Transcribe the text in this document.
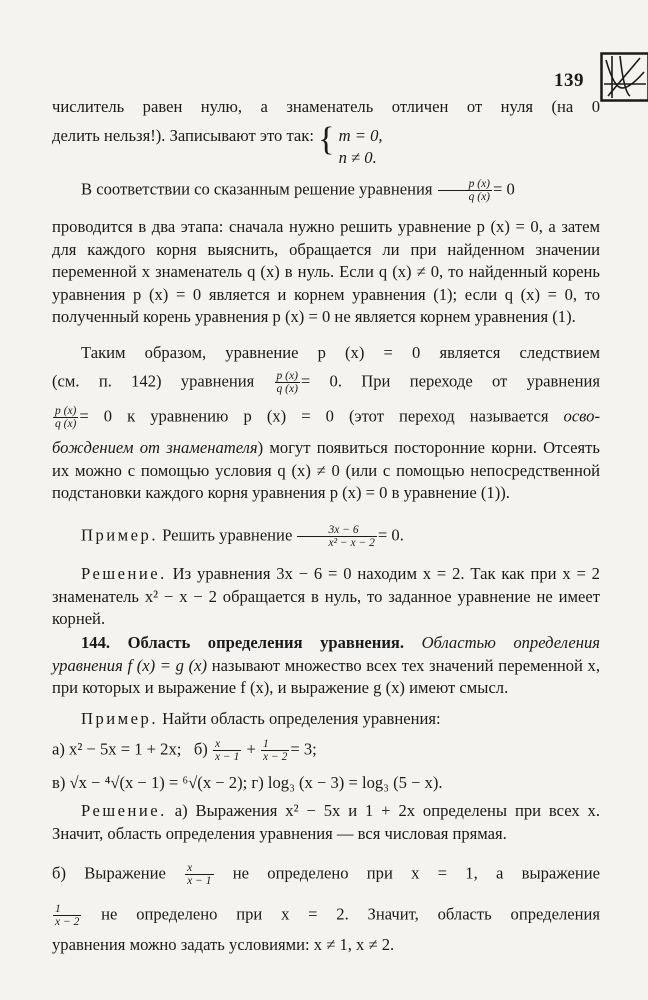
139
числитель равен нулю, а знаменатель отличен от нуля (на 0
делить нельзя!). Записывают это так: { m = 0,
n ≠ 0.
В соответствии со сказанным решение уравнения $\frac{p (x)}{q (x)} = 0$
проводится в два этапа: сначала нужно решить уравнение p (x) = 0, а затем для каждого корня выяснить, обращается ли при найденном значении переменной x знаменатель q (x) в нуль. Если q (x) ≠ 0, то найденный корень уравнения p (x) = 0 является и корнем уравнения (1); если q (x) = 0, то полученный корень уравнения p (x) = 0 не является корнем уравнения (1).
Таким образом, уравнение p (x) = 0 является следствием
(см. п. 142) уравнения $\frac{p (x)}{q (x)} = 0$. При переходе от уравнения
$\frac{p (x)}{q (x)} = 0$ к уравнению p (x) = 0 (этот переход называется осво-
бождением от знаменателя) могут появиться посторонние корни. Отсеять их можно с помощью условия q (x) ≠ 0 (или с помощью непосредственной подстановки каждого корня уравнения p (x) = 0 в уравнение (1)).
Пример. Решить уравнение $\frac{3x - 6}{\text{x² − x − 2}} = 0$.
Решение. Из уравнения 3x − 6 = 0 находим x = 2. Так как при x = 2 знаменатель x² − x − 2 обращается в нуль, то заданное уравнение не имеет корней.
144. Область определения уравнения. Областью определения уравнения f (x) = g (x) называют множество всех тех значений переменной x, при которых и выражение f (x), и выражение g (x) имеют смысл.
Пример. Найти область определения уравнения:
а) x² − 5x = 1 + 2x; $б) \frac{x}{x - 1} + \frac{1}{x - 2} = 3$;
в) √x − ⁴√(x − 1) = ⁶√(x − 2); г) log₃ (x − 3) = log₃ (5 − x).
Решение. а) Выражения x² − 5x и 1 + 2x определены при всех x. Значит, область определения уравнения — вся числовая прямая.
б) Выражение $\frac{x}{x - 1}$ не определено при x = 1, а выражение
$\frac{1}{x - 2}$ не определено при x = 2. Значит, область определения
уравнения можно задать условиями: x ≠ 1, x ≠ 2.
